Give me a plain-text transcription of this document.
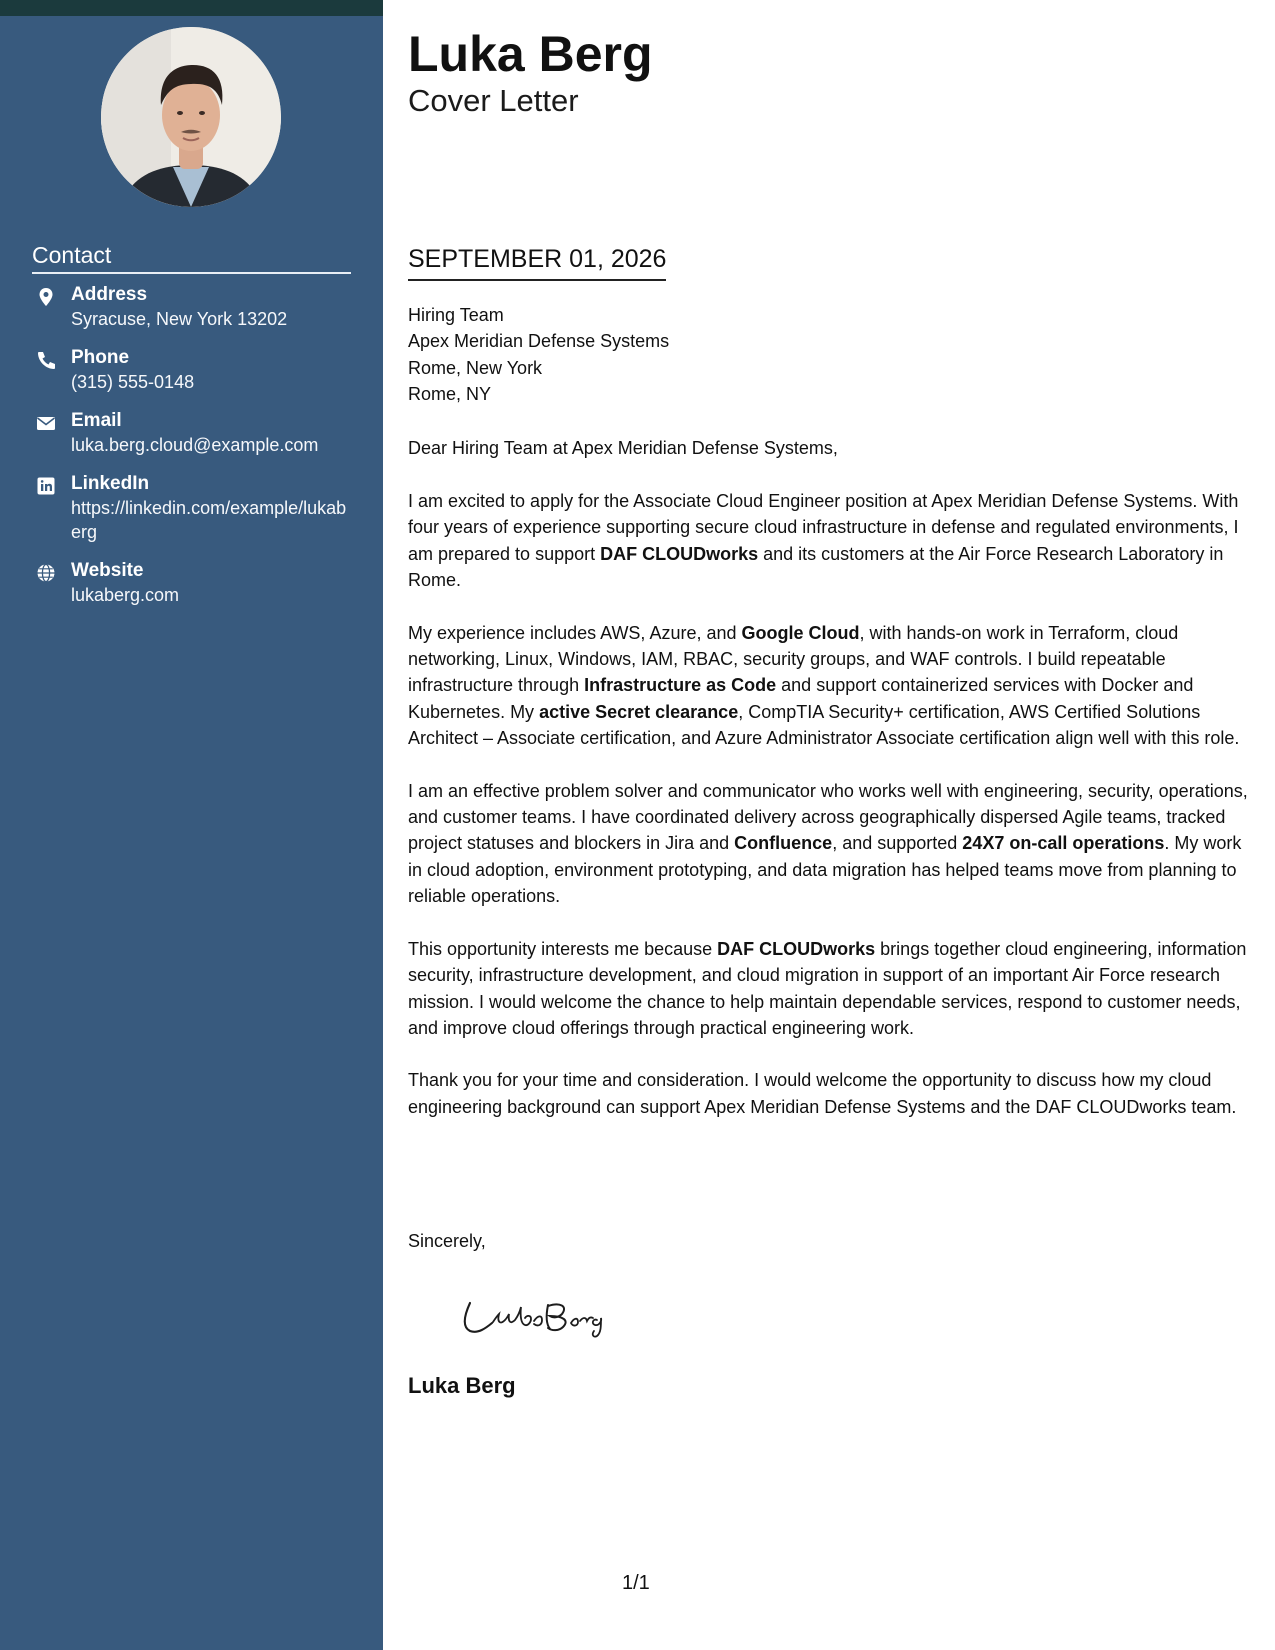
Contact
Address
Syracuse, New York 13202
Phone
(315) 555-0148
Email
luka.berg.cloud@example.com
LinkedIn
https://linkedin.com/example/lukaberg
Website
lukaberg.com
Luka Berg
Cover Letter
SEPTEMBER 01, 2026
Hiring Team
Apex Meridian Defense Systems
Rome, New York
Rome, NY
Dear Hiring Team at Apex Meridian Defense Systems,

I am excited to apply for the Associate Cloud Engineer position at Apex Meridian Defense Systems. With four years of experience supporting secure cloud infrastructure in defense and regulated environments, I am prepared to support DAF CLOUDworks and its customers at the Air Force Research Laboratory in Rome.

My experience includes AWS, Azure, and Google Cloud, with hands-on work in Terraform, cloud networking, Linux, Windows, IAM, RBAC, security groups, and WAF controls. I build repeatable infrastructure through Infrastructure as Code and support containerized services with Docker and Kubernetes. My active Secret clearance, CompTIA Security+ certification, AWS Certified Solutions Architect – Associate certification, and Azure Administrator Associate certification align well with this role.

I am an effective problem solver and communicator who works well with engineering, security, operations, and customer teams. I have coordinated delivery across geographically dispersed Agile teams, tracked project statuses and blockers in Jira and Confluence, and supported 24X7 on-call operations. My work in cloud adoption, environment prototyping, and data migration has helped teams move from planning to reliable operations.

This opportunity interests me because DAF CLOUDworks brings together cloud engineering, information security, infrastructure development, and cloud migration in support of an important Air Force research mission. I would welcome the chance to help maintain dependable services, respond to customer needs, and improve cloud offerings through practical engineering work.

Thank you for your time and consideration. I would welcome the opportunity to discuss how my cloud engineering background can support Apex Meridian Defense Systems and the DAF CLOUDworks team.

Sincerely,
Luka Berg
1/1
